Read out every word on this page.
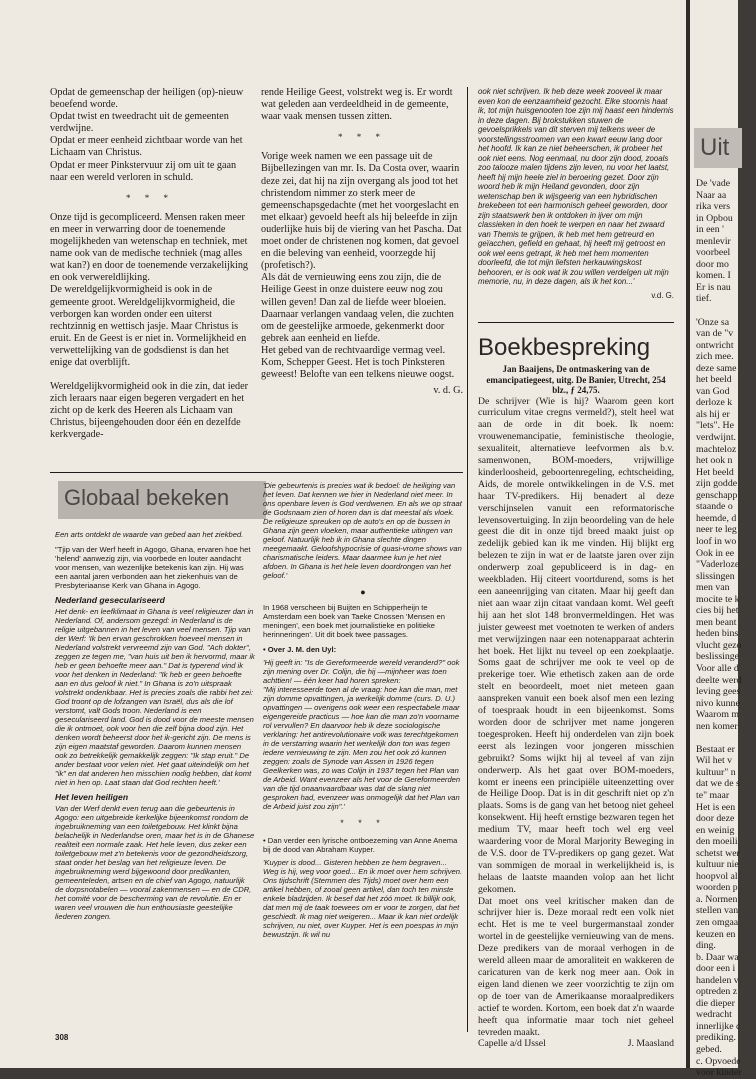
Opdat de gemeenschap der heiligen (op)-nieuw beoefend worde.

Opdat twist en tweedracht uit de gemeenten verdwijne.

Opdat er meer eenheid zichtbaar worde van het Lichaam van Christus.

Opdat er meer Pinkstervuur zij om uit te gaan naar een wereld verloren in schuld.

* * *

Onze tijd is gecompliceerd. Mensen raken meer en meer in verwarring door de toenemende mogelijkheden van wetenschap en techniek, met name ook van de medische techniek (mag alles wat kan?) en door de toenemende verzakelijking en ook verwereldlijking.

De wereldgelijkvormigheid is ook in de gemeente groot. Wereldgelijkvormigheid, die verborgen kan worden onder een uiterst rechtzinnig en wettisch jasje. Maar Christus is eruit. En de Geest is er niet in. Vormelijkheid en verwettelijking van de godsdienst is dan het enige dat overblijft.

Wereldgelijkvormigheid ook in die zin, dat ieder zich leraars naar eigen begeren vergadert en het zicht op de kerk des Heeren als Lichaam van Christus, bijeengehouden door één en dezelfde kerkvergade-

rende Heilige Geest, volstrekt weg is. Er wordt wat geleden aan verdeeldheid in de gemeente, waar vaak mensen tussen zitten.

* * *

Vorige week namen we een passage uit de Bijbellezingen van mr. Is. Da Costa over, waarin deze zei, dat hij na zijn overgang als jood tot het christendom nimmer zo sterk meer de gemeenschapsgedachte (met het voorgeslacht en met elkaar) gevoeld heeft als hij beleefde in zijn ouderlijke huis bij de viering van het Pascha. Dat moet onder de christenen nog komen, dat gevoel en die beleving van eenheid, voorzegde hij (profetisch?).

Als dát de vernieuwing eens zou zijn, die de Heilige Geest in onze duistere eeuw nog zou willen geven! Dan zal de liefde weer bloeien. Daarnaar verlangen vandaag velen, die zuchten om de geestelijke armoede, gekenmerkt door gebrek aan eenheid en liefde.

Het gebed van de rechtvaardige vermag veel. Kom, Schepper Geest. Het is toch Pinksteren geweest! Belofte van een telkens nieuwe oogst.

v. d. G.

ook niet schrijven. Ik heb deze week zooveel ik maar even kon de eenzaamheid gezocht. Elke stoornis haat ik, tot mijn huisgenooten toe zijn mij haast een hindernis in deze dagen. Bij brokstukken stuwen de gevoelsprikkels van dit sterven mij telkens weer de voorstellingsstroomen van een kwart eeuw lang door het hoofd. Ik kan ze niet beheerschen, ik probeer het ook niet eens. Nog eenmaal, nu door zijn dood, zooals zoo talooze malen tijdens zijn leven, nu voor het laatst, heeft hij mijn heele ziel in beroering gezet. Door zijn woord heb ik mijn Heiland gevonden, door zijn wetenschap ben ik wijsgeerig van een hybridischen brekebeen tot een harmonisch geheel geworden, door zijn staatswerk ben ik ontdoken in ijver om mijn classieken in den hoek te werpen en naar het zwaard van Themis te grijpen, ik heb met hem getreurd en geïacchen, gefield en gehaat, hij heeft mij getroost en ook wel eens getrapt, ik heb met hem momenten doorleefd, die tot mijn liefsten herkauwingskost behooren, er is ook wat ik zou willen verdelgen uit mijn memorie, nu, in deze dagen, als ik het kon...'

v.d. G.
Boekbespreking

Jan Baaijens, De ontmaskering van de emancipatiegeest, uitg. De Banier, Utrecht, 254 blz., ƒ 24,75.

De schrijver (Wie is hij? Waarom geen kort curriculum vitae cregns vermeld?), stelt heel wat aan de orde in dit boek. Ik noem: vrouwenemancipatie, feministische theologie, sexualiteit, alternatieve leefvormen als b.v. samenwonen, BOM-moeders, vrijwillige kinderloosheid, geboortenregeling, echtscheiding, Aids, de morele ontwikkelingen in de V.S. met haar TV-predikers. Hij benadert al deze verschijnselen vanuit een reformatorische levensovertuiging. In zijn beoordeling van de hele geest die dit in onze tijd breed maakt juist op zedelijk gebied kan ik me vinden. Hij blijkt erg belezen te zijn in wat er de laatste jaren over zijn onderwerp zoal gepubliceerd is in dag- en weekbladen. Hij citeert voortdurend, soms is het een aaneenrijging van citaten. Maar hij geeft dan niet aan waar zijn citaat vandaan komt. Wel geeft hij aan het slot 148 bronvermeldingen. Het was juister geweest met voetnoten te werken of anders met verwijzingen naar een notenapparaat achterin het boek. Het lijkt nu teveel op een zoekplaatje. Soms gaat de schrijver me ook te veel op de prekerige toer. Wie ethetisch zaken aan de orde stelt en beoordeelt, moet niet meteen gaan aanspreken vanuit een boek alsof men een lezing of toespraak houdt in een bijeenkomst. Soms worden door de schrijver met name jongeren toegesproken. Heeft hij onderdelen van zijn boek eerst als lezingen voor jongeren misschien gebruikt? Soms wijkt hij al teveel af van zijn onderwerp. Als het gaat over BOM-moeders, komt er ineens een principiële uiteenzetting over de Heilige Doop. Dat is in dit geschrift niet op z'n plaats. Soms is de gang van het betoog niet geheel konsekwent. Hij heeft ernstige bezwaren tegen het medium TV, maar heeft toch wel erg veel waardering voor de Moral Marjority Beweging in de V.S. door de TV-predikers op gang gezet. Wat van sommigen de moraal in werkelijkheid is, is helaas de laatste maanden volop aan het licht gekomen.

Dat moet ons veel kritischer maken dan de schrijver hier is. Deze moraal redt een volk niet echt. Het is me te veel burgermanstaal zonder wortel in de geestelijke vernieuwing van de mens. Deze predikers van de moraal verhogen in de wereld alleen maar de amoraliteit en wakkeren de caricaturen van de kerk nog meer aan. Ook in eigen land dienen we zeer voorzichtig te zijn om op de toer van de Amerikaanse moraalpredikers actief te worden. Kortom, een boek dat z'n waarde heeft qua informatie maar toch niet geheel tevreden maakt.

Capelle a/d IJssel	J. Maasland
Globaal bekeken

Een arts ontdekt de waarde van gebed aan het ziekbed.

"Tjip van der Werf heeft in Agogo, Ghana, ervaren hoe het 'helend' aanwezig zijn, via voorbede en louter aandacht voor mensen, van wezenlijke betekenis kan zijn. Hij was een aantal jaren verbonden aan het ziekenhuis van de Presbyteriaanse Kerk van Ghana in Agogo.

Nederland geseculariseerd

Het denk- en leefklimaat in Ghana is veel religieuzer dan in Nederland. Of, andersom gezegd: in Nederland is de religie uitgebannen in het leven van veel mensen. Tjip van der Werf: 'Ik ben ervan geschrokken hoeveel mensen in Nederland volstrekt vervreemd zijn van God. "Ach dokter", zeggen ze tegen me, "van huis uit ben ik hervormd, maar ik heb er geen behoefte meer aan." Dat is typerend vind ik voor het denken in Nederland: "Ik heb er geen behoefte aan en dus geloof ik niet." In Ghana is zo'n uitspraak volstrekt ondenkbaar. Het is precies zoals die rabbi het zei: God troont op de lofzangen van Israël, dus als die lof verstomt, valt Gods troon. Nederland is een geseculariseerd land. God is dood voor de meeste mensen die ik ontmoet, ook voor hen die zelf bijna dood zijn. Het denken wordt beheerst door het ik-gericht zijn. De mens is zijn eigen maatstaf geworden. Daarom kunnen mensen ook zo betrekkelijk gemakkelijk zeggen: "Ik stap eruit." De ander bestaat voor velen niet. Het gaat uiteindelijk om het "ik" en dat anderen hen misschien nodig hebben, dat komt niet in hen op. Laat staan dat God rechten heeft.'

Het leven heiligen

Van der Werf denkt even terug aan die gebeurtenis in Agogo: een uitgebreide kerkelijke bijeenkomst rondom de ingebruikneming van een toiletgebouw. Het klinkt bijna belachelijk in Nederlandse oren, maar het is in de Ghanese realiteit een normale zaak. Het hele leven, dus zeker een toiletgebouw met z'n betekenis voor de gezondheidszorg, staat onder het beslag van het religieuze leven. De ingebruikneming werd bijgewoond door predikanten, gemeenteleden, artsen en de chief van Agogo, natuurlijk de dorpsnotabelen — vooral zakenmensen — en de CDR, het comité voor de bescherming van de revolutie. En er waren veel vrouwen die hun enthousiaste geestelijke liederen zongen.

'Die gebeurtenis is precies wat ik bedoel: de heiliging van het leven. Dat kennen we hier in Nederland niet meer. In ons openbare leven is God verdwenen. En als we op straat de Godsnaam zien of horen dan is dat meestal als vloek. De religieuze spreuken op de auto's en op de bussen in Ghana zijn geen vloeken, maar authentieke uitingen van geloof. Natuurlijk heb ik in Ghana slechte dingen meegemaakt. Geloofshypocrisie of quasi-vrome shows van charismatische leiders. Maar daarmee kun je het niet afdoen. In Ghana is het hele leven doordrongen van het geloof.'

●

In 1968 verscheen bij Buijten en Schipperheijn te Amsterdam een boek van Taeke Cnossen 'Mensen en meningen', een boek met journalistieke en politieke herinneringen'. Uit dit boek twee passages.

• Over J. M. den Uyl:

'Hij geeft in: "Is de Gereformeerde wereld veranderd?" ook zijn mening over Dr. Colijn, die hij —mijnheer was toen achttien! — één keer had horen spreken:

"Mij interesseerde toen al de vraag: hoe kan die man, met zijn domme opvattingen, ja werkelijk domme (curs. D. U.) opvattingen — overigens ook weer een respectabele maar eigengereide practicus — hoe kan die man zo'n voorname rol vervullen? En daarvoor heb ik deze sociologische verklaring: het antirevolutionaire volk was terechtgekomen in de verstarring waarin het werkelijk don ton was tegen iedere vernieuwing te zijn. Men zou het ook zó kunnen zeggen: zoals de Synode van Assen in 1926 tegen Geelkerken was, zo was Colijn in 1937 tegen het Plan van de Arbeid. Want evenzeer als het voor de Gereformeerden van die tijd onaanvaardbaar was dat de slang niet gesproken had, evenzeer was onmogelijk dat het Plan van de Arbeid juist zou zijn".'

* * *

• Dan verder een lyrische ontboezeming van Anne Anema bij de dood van Abraham Kuyper.

'Kuyper is dood... Gisteren hebben ze hem begraven... Weg is hij, weg voor goed... En ik moet over hem schrijven. Ons tijdschrift (Stemmen des Tijds) moet over hem een artikel hebben, of zooal geen artikel, dan toch ten minste enkele bladzijden. Ik besef dat het zóó moet. Ik billijk ook, dat men mij de taak toewees om er voor te zorgen, dat het geschiedt. Ik mag niet weigeren... Maar ik kan niet ordelijk schrijven, nu niet, over Kuyper. Het is een poespas in mijn bewustzijn. Ik wil nu

308
Uit
De 'vade
Naar aa
rika vers
in Opbou
in een '
menlevir
voorbeel
door mo
komen. I
Er is nau
tief.

'Onze sa
van de "v
ontwricht
zich mee.
deze same
het beeld
van God
derloze k
als hij er
"lets". He
verdwijnt.
machteloz
het ook n
Het beeld
zijn godde
genschapp
staande o
heemde, d
neer te leg
loof in wo
Ook in ee
"Vaderloze
slissingen
men van
mocite te k
cies bij het
men beant
heden bins
vlucht gezo
beslissinge
Voor alle d
deelte werd
leving gees
nivo kunne
Waarom m
nen komer

Bestaat er
Wil het v
kultuur" n
dat we de s
te" maar
Het is een
door deze
en weinig
den moeili
schetst wer
kultuur nie
hoopvol al
woorden p
a. Normen
stellen van
zen omgaa
keuzen en
ding.
b. Daar wa
door een i
handelen v
optreden z
die dieper
wedracht
innerlijke c
prediking.
gebed.
c. Opvoede
voor kinder
